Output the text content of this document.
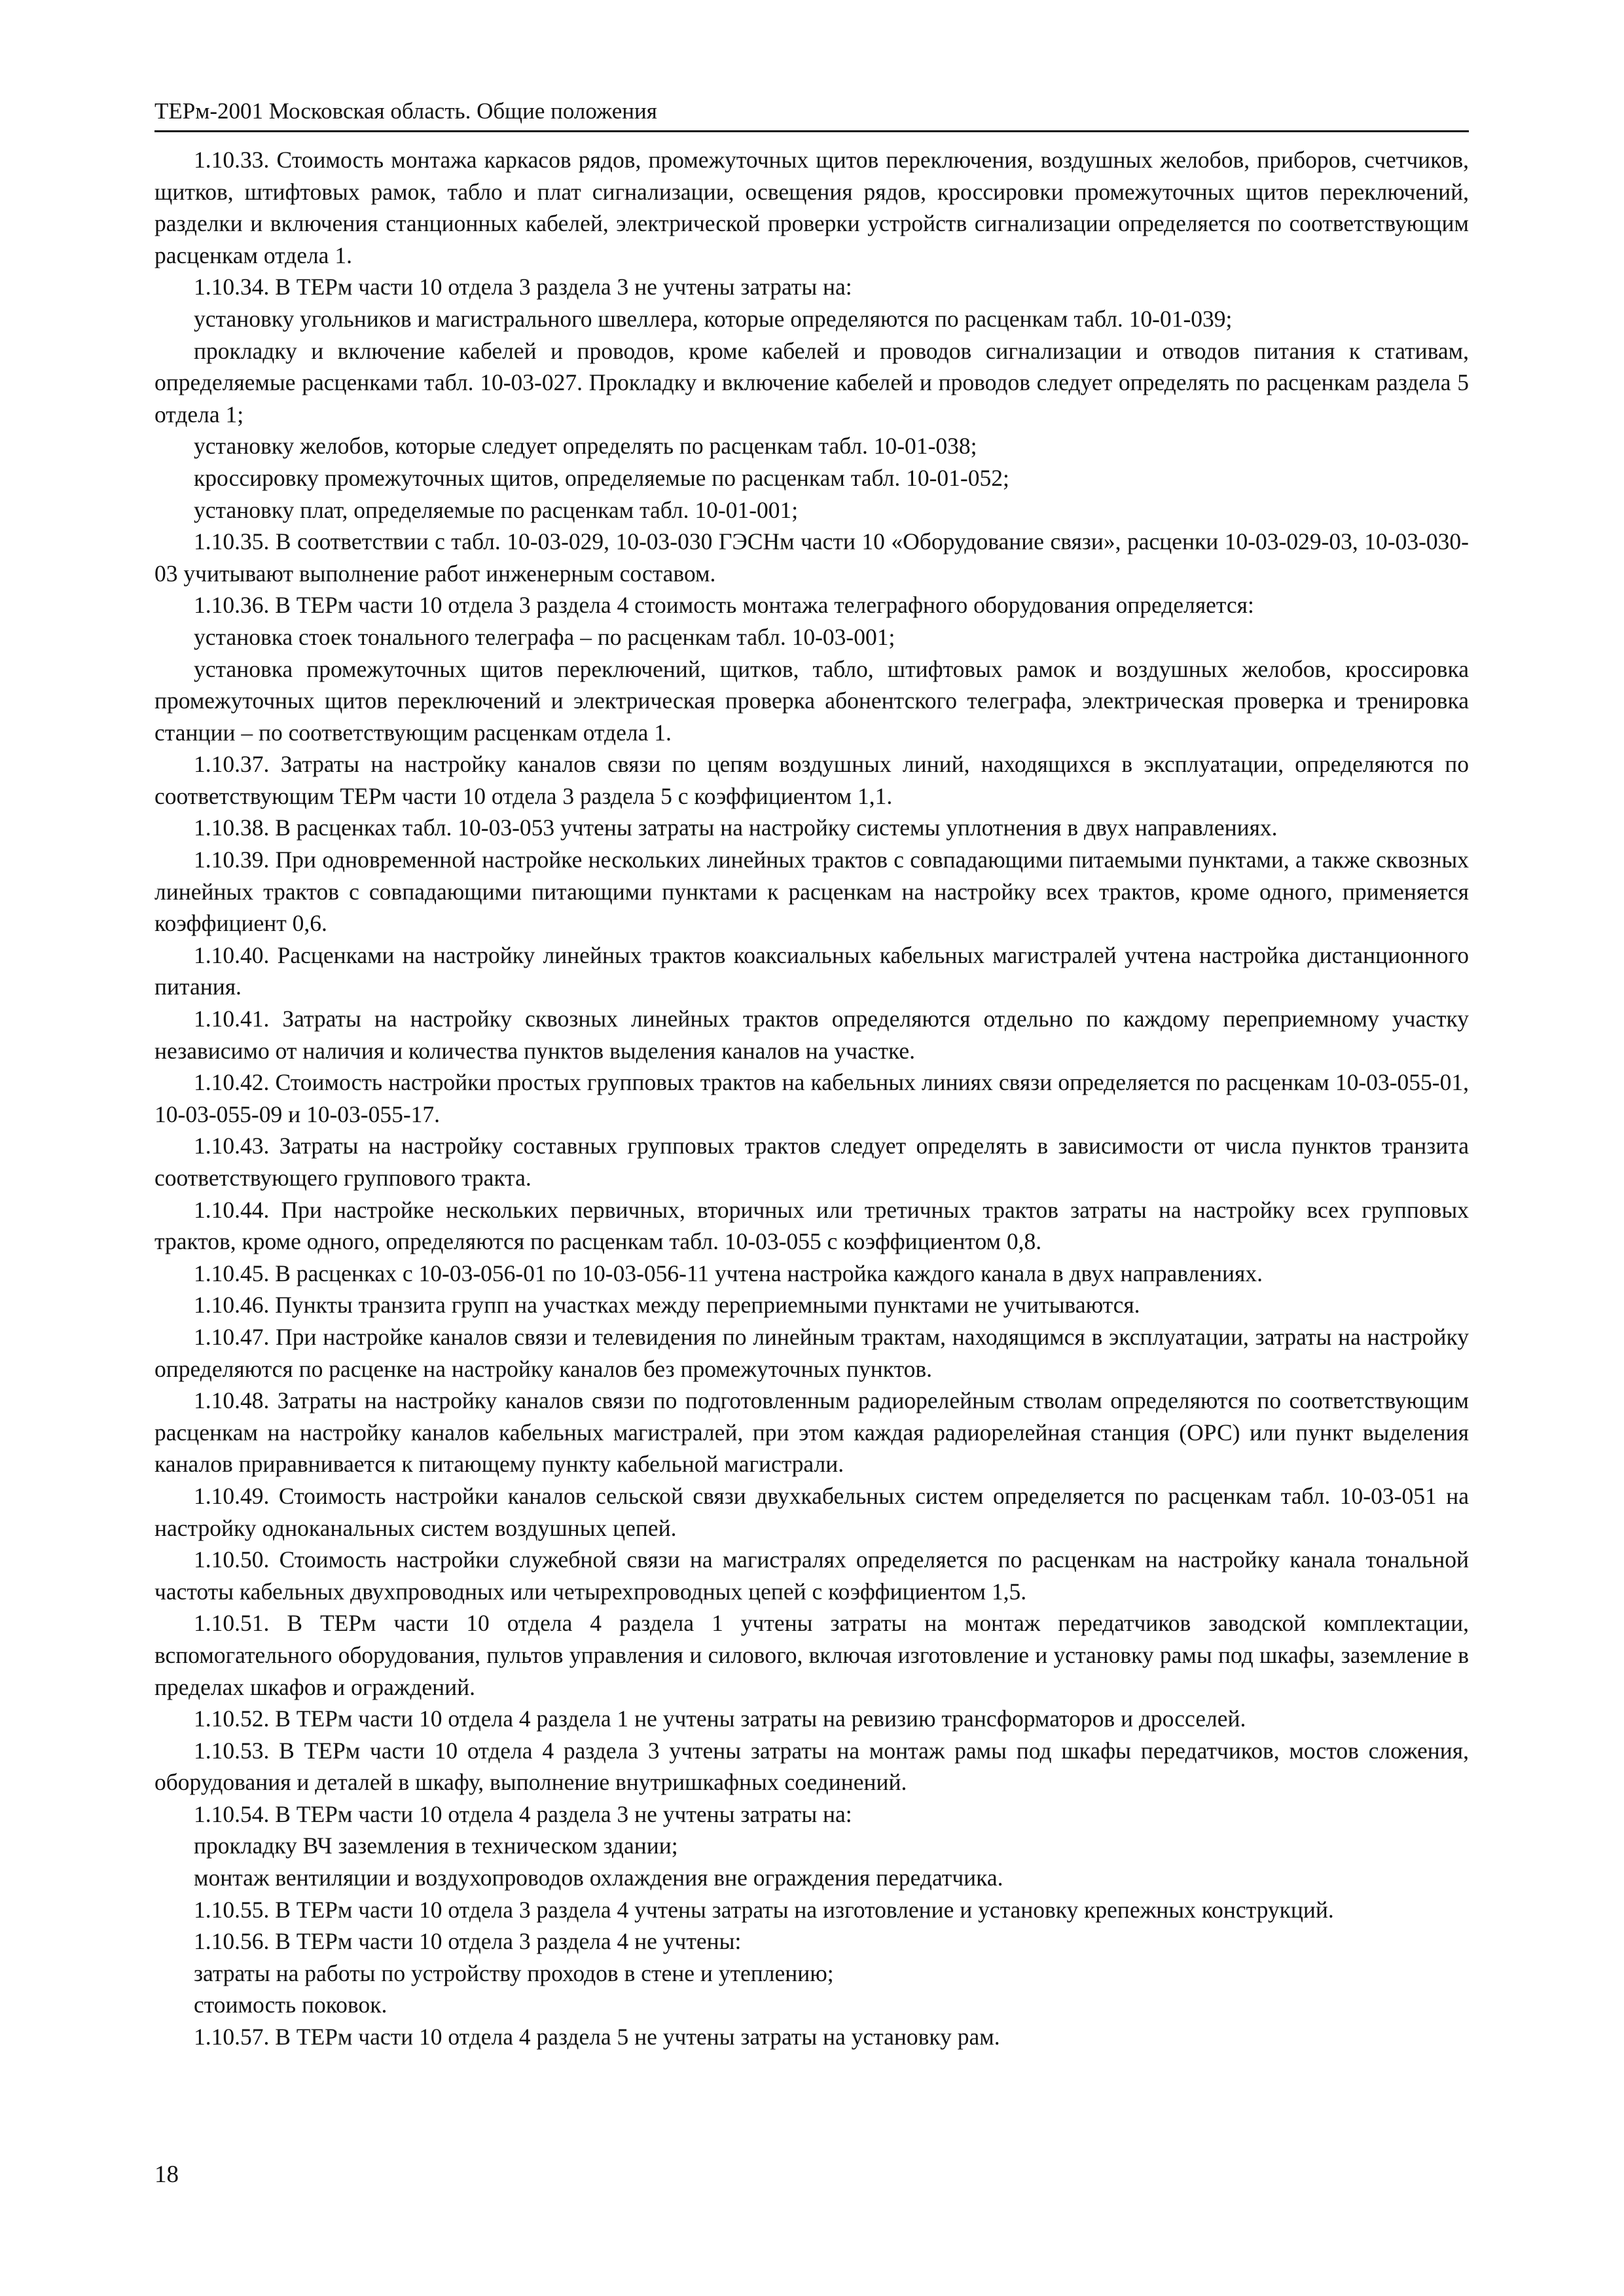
ТЕРм-2001 Московская область. Общие положения

1.10.33. Стоимость монтажа каркасов рядов, промежуточных щитов переключения, воздушных желобов, приборов, счетчиков, щитков, штифтовых рамок, табло и плат сигнализации, освещения рядов, кроссировки промежуточных щитов переключений, разделки и включения станционных кабелей, электрической проверки устройств сигнализации определяется по соответствующим расценкам отдела 1.

1.10.34. В ТЕРм части 10 отдела 3 раздела 3 не учтены затраты на:

установку угольников и магистрального швеллера, которые определяются по расценкам табл. 10-01-039;

прокладку и включение кабелей и проводов, кроме кабелей и проводов сигнализации и отводов питания к стативам, определяемые расценками табл. 10-03-027. Прокладку и включение кабелей и проводов следует определять по расценкам раздела 5 отдела 1;

установку желобов, которые следует определять по расценкам табл. 10-01-038;

кроссировку промежуточных щитов, определяемые по расценкам табл. 10-01-052;

установку плат, определяемые по расценкам табл. 10-01-001;

1.10.35. В соответствии с табл. 10-03-029, 10-03-030 ГЭСНм части 10 «Оборудование связи», расценки 10-03-029-03, 10-03-030-03 учитывают выполнение работ инженерным составом.

1.10.36. В ТЕРм части 10 отдела 3 раздела 4 стоимость монтажа телеграфного оборудования определяется:

установка стоек тонального телеграфа – по расценкам табл. 10-03-001;

установка промежуточных щитов переключений, щитков, табло, штифтовых рамок и воздушных желобов, кроссировка промежуточных щитов переключений и электрическая проверка абонентского телеграфа, электрическая проверка и тренировка станции – по соответствующим расценкам отдела 1.

1.10.37. Затраты на настройку каналов связи по цепям воздушных линий, находящихся в эксплуатации, определяются по соответствующим ТЕРм части 10 отдела 3 раздела 5 с коэффициентом 1,1.

1.10.38. В расценках табл. 10-03-053 учтены затраты на настройку системы уплотнения в двух направлениях.

1.10.39. При одновременной настройке нескольких линейных трактов с совпадающими питаемыми пунктами, а также сквозных линейных трактов с совпадающими питающими пунктами к расценкам на настройку всех трактов, кроме одного, применяется коэффициент 0,6.

1.10.40. Расценками на настройку линейных трактов коаксиальных кабельных магистралей учтена настройка дистанционного питания.

1.10.41. Затраты на настройку сквозных линейных трактов определяются отдельно по каждому переприемному участку независимо от наличия и количества пунктов выделения каналов на участке.

1.10.42. Стоимость настройки простых групповых трактов на кабельных линиях связи определяется по расценкам 10-03-055-01, 10-03-055-09 и 10-03-055-17.

1.10.43. Затраты на настройку составных групповых трактов следует определять в зависимости от числа пунктов транзита соответствующего группового тракта.

1.10.44. При настройке нескольких первичных, вторичных или третичных трактов затраты на настройку всех групповых трактов, кроме одного, определяются по расценкам табл. 10-03-055 с коэффициентом 0,8.

1.10.45. В расценках с 10-03-056-01 по 10-03-056-11 учтена настройка каждого канала в двух направлениях.

1.10.46. Пункты транзита групп на участках между переприемными пунктами не учитываются.

1.10.47. При настройке каналов связи и телевидения по линейным трактам, находящимся в эксплуатации, затраты на настройку определяются по расценке на настройку каналов без промежуточных пунктов.

1.10.48. Затраты на настройку каналов связи по подготовленным радиорелейным стволам определяются по соответствующим расценкам на настройку каналов кабельных магистралей, при этом каждая радиорелейная станция (ОРС) или пункт выделения каналов приравнивается к питающему пункту кабельной магистрали.

1.10.49. Стоимость настройки каналов сельской связи двухкабельных систем определяется по расценкам табл. 10-03-051 на настройку одноканальных систем воздушных цепей.

1.10.50. Стоимость настройки служебной связи на магистралях определяется по расценкам на настройку канала тональной частоты кабельных двухпроводных или четырехпроводных цепей с коэффициентом 1,5.

1.10.51. В ТЕРм части 10 отдела 4 раздела 1 учтены затраты на монтаж передатчиков заводской комплектации, вспомогательного оборудования, пультов управления и силового, включая изготовление и установку рамы под шкафы, заземление в пределах шкафов и ограждений.

1.10.52. В ТЕРм части 10 отдела 4 раздела 1 не учтены затраты на ревизию трансформаторов и дросселей.

1.10.53. В ТЕРм части 10 отдела 4 раздела 3 учтены затраты на монтаж рамы под шкафы передатчиков, мостов сложения, оборудования и деталей в шкафу, выполнение внутришкафных соединений.

1.10.54. В ТЕРм части 10 отдела 4 раздела 3 не учтены затраты на:

прокладку ВЧ заземления в техническом здании;

монтаж вентиляции и воздухопроводов охлаждения вне ограждения передатчика.

1.10.55. В ТЕРм части 10 отдела 3 раздела 4 учтены затраты на изготовление и установку крепежных конструкций.

1.10.56. В ТЕРм части 10 отдела 3 раздела 4 не учтены:

затраты на работы по устройству проходов в стене и утеплению;

стоимость поковок.

1.10.57. В ТЕРм части 10 отдела 4 раздела 5 не учтены затраты на установку рам.

18
